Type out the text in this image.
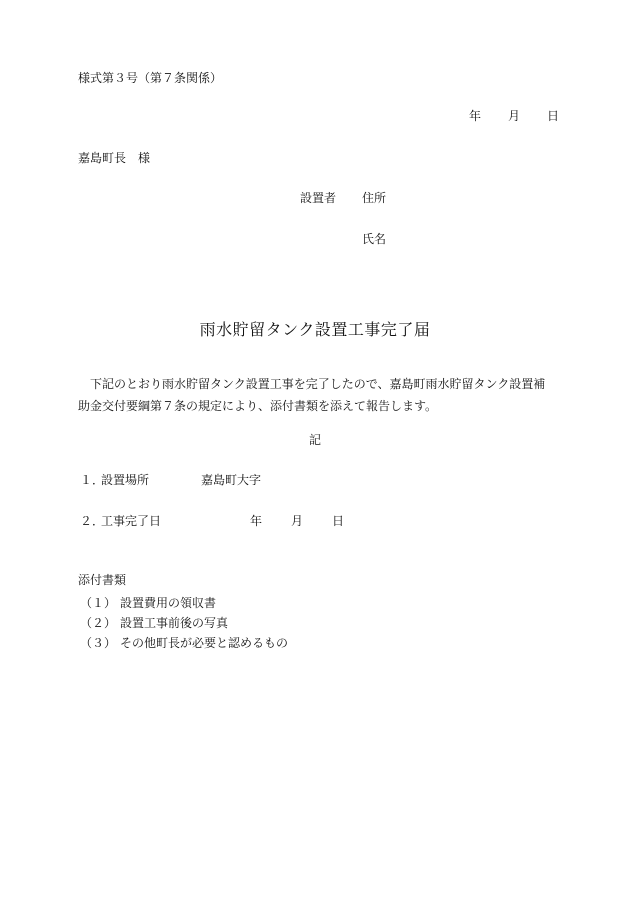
様式第３号（第７条関係）
年 月 日
嘉島町長　様
設置者 住所
氏名
雨水貯留タンク設置工事完了届

下記のとおり雨水貯留タンク設置工事を完了したので、嘉島町雨水貯留タンク設置補

助金交付要綱第７条の規定により、添付書類を添えて報告します。

記
１．
設置場所	嘉島町大字
２．
工事完了日	年 月 日
添付書類
（１） 設置費用の領収書
（２） 設置工事前後の写真
（３） その他町長が必要と認めるもの
